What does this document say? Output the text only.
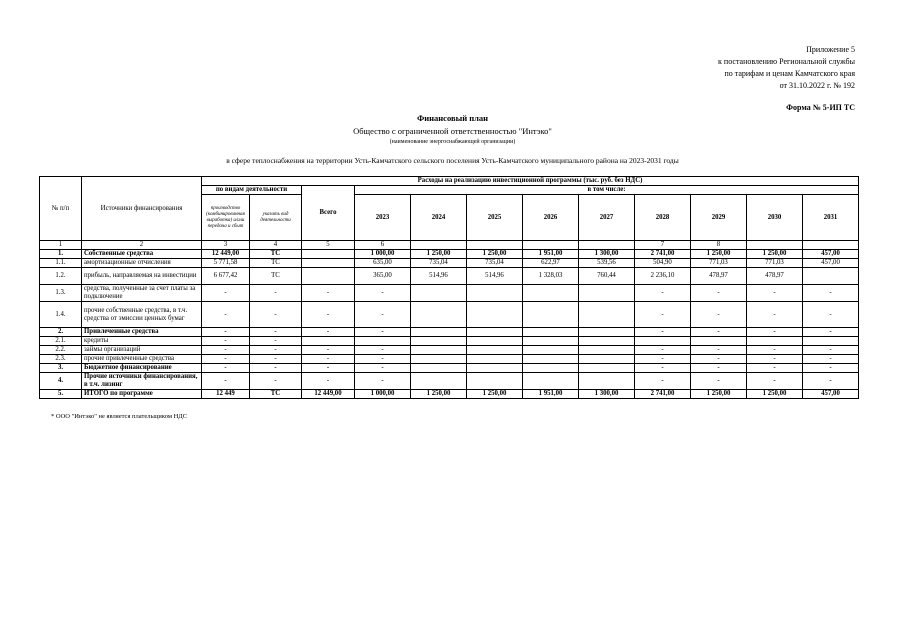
Приложение 5
к постановлению Региональной службы
по тарифам и ценам Камчатского края
от 31.10.2022 г. № 192
Форма № 5-ИП ТС
Финансовый план
Общество с ограниченной ответственностью "Интэко"
(наименование энергоснабжающей организации)
в сфере теплоснабжения на территории Усть-Камчатского сельского поселения Усть-Камчатского муниципального района на 2023-2031 годы
№ п/п	Источники финансирования	Расходы на реализацию инвестиционной программы (тыс. руб. без НДС)											
		по видам деятельности		Всего	в том числе:								
		производство (комбинированная выработка) и/или передача и сбыт	указать вид деятельности		2023	2024	2025	2026	2027	2028	2029	2030	2031
1	2	3	4	5	6					7	8		
1.	Собственные средства	12 449,00	ТС		1 000,00	1 250,00	1 250,00	1 951,00	1 300,00	2 741,00	1 250,00	1 250,00	457,00
1.1.	амортизационные отчисления	5 771,58	ТС		635,00	735,04	735,04	622,97	539,56	504,90	771,03	771,03	457,00
1.2.	прибыль, направляемая на инвестиции	6 677,42	ТС		365,00	514,96	514,96	1 328,03	760,44	2 236,10	478,97	478,97	
1.3.	средства, полученные за счет платы за подключение	-	-	-	-					-	-	-	-
1.4.	прочие собственные средства, в т.ч. средства от эмиссии ценных бумаг	-	-	-	-					-	-	-	-
2.	Привлеченные средства	-	-	-	-					-	-	-	-
2.1.	кредиты	-	-										
2.2.	займы организаций	-	-	-	-					-	-	-	-
2.3.	прочие привлеченные средства	-	-	-	-					-	-	-	-
3.	Бюджетное финансирование	-	-	-	-					-	-	-	-
4.	Прочие источники финансирования, в т.ч. лизинг	-	-	-	-					-	-	-	-
5.	ИТОГО по программе	12 449	ТС	12 449,00	1 000,00	1 250,00	1 250,00	1 951,00	1 300,00	2 741,00	1 250,00	1 250,00	457,00
* ООО "Интэко" не является плательщиком НДС
